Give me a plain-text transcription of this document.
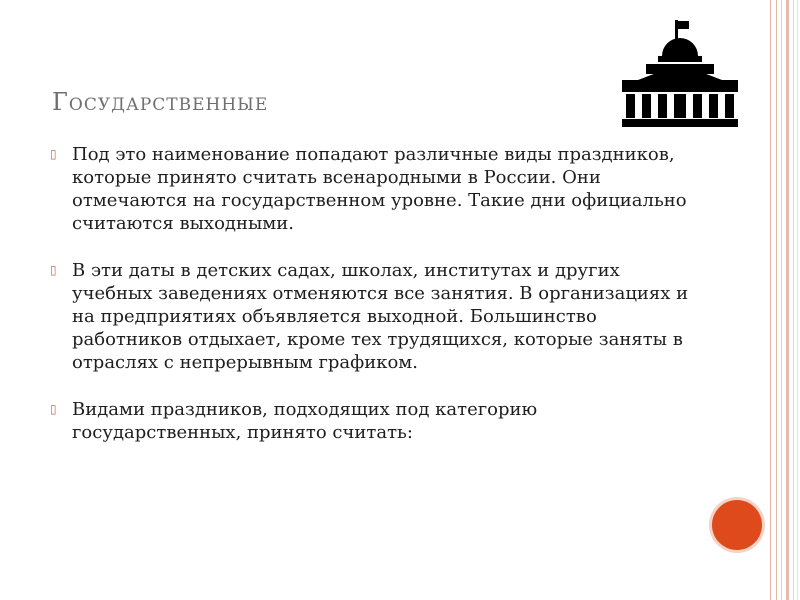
Государственные
▯ Под это наименование попадают различные виды праздников, которые принято считать всенародными в России. Они отмечаются на государственном уровне. Такие дни официально считаются выходными.
▯ В эти даты в детских садах, школах, институтах и других учебных заведениях отменяются все занятия. В организациях и на предприятиях объявляется выходной. Большинство работников отдыхает, кроме тех трудящихся, которые заняты в отраслях с непрерывным графиком.
▯ Видами праздников, подходящих под категорию государственных, принято считать:
